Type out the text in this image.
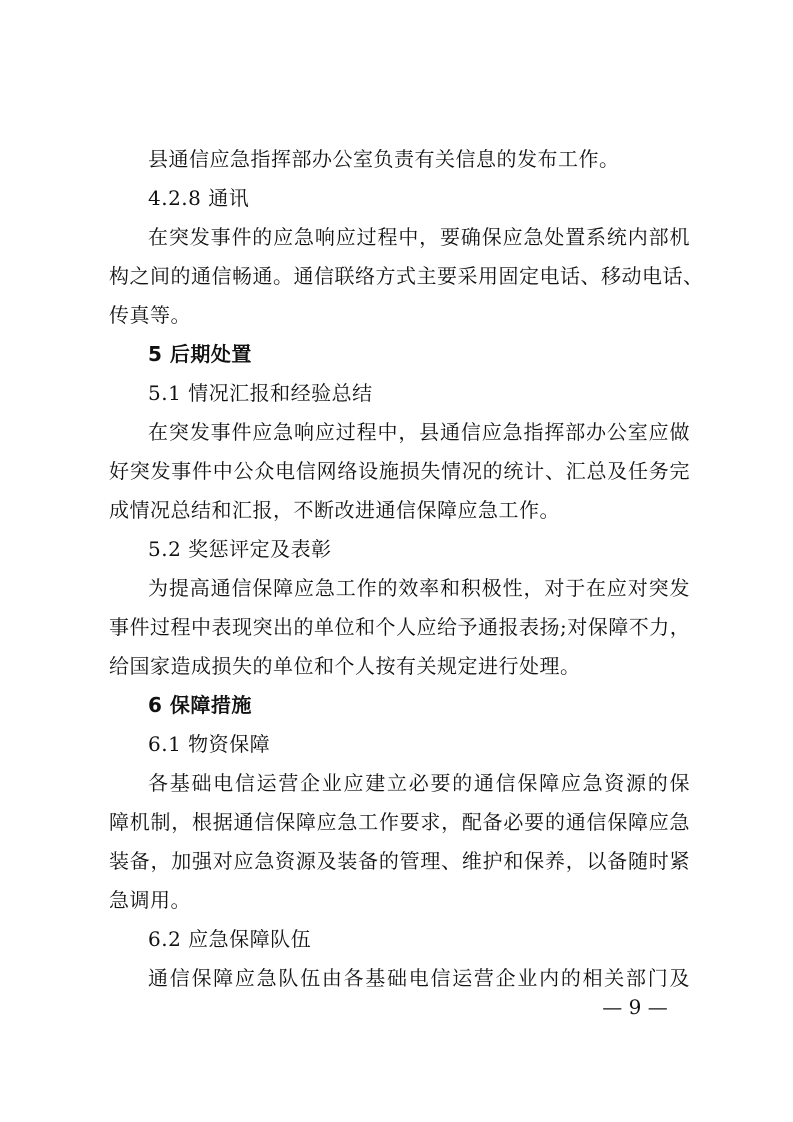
县通信应急指挥部办公室负责有关信息的发布工作。
4.2.8 通讯
在突发事件的应急响应过程中，要确保应急处置系统内部机
构之间的通信畅通。通信联络方式主要采用固定电话、移动电话、
传真等。
5 后期处置
5.1 情况汇报和经验总结
在突发事件应急响应过程中，县通信应急指挥部办公室应做
好突发事件中公众电信网络设施损失情况的统计、汇总及任务完
成情况总结和汇报，不断改进通信保障应急工作。
5.2 奖惩评定及表彰
为提高通信保障应急工作的效率和积极性，对于在应对突发
事件过程中表现突出的单位和个人应给予通报表扬;对保障不力，
给国家造成损失的单位和个人按有关规定进行处理。
6 保障措施
6.1 物资保障
各基础电信运营企业应建立必要的通信保障应急资源的保
障机制，根据通信保障应急工作要求，配备必要的通信保障应急
装备，加强对应急资源及装备的管理、维护和保养，以备随时紧
急调用。
6.2 应急保障队伍
通信保障应急队伍由各基础电信运营企业内的相关部门及
— 9 —
